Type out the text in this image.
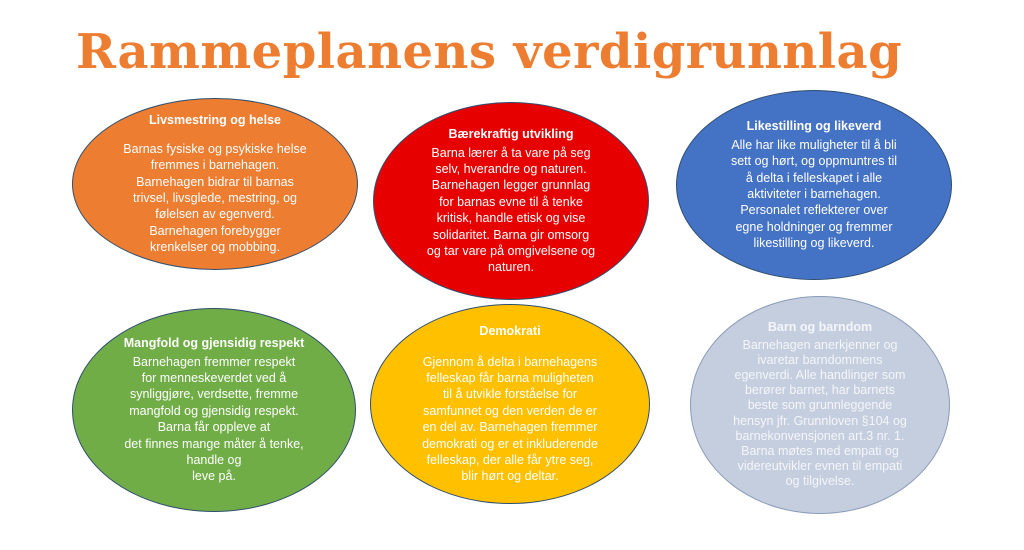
Rammeplanens verdigrunnlag
Livsmestring og helse
Barnas fysiske og psykiske helse
fremmes i barnehagen.
Barnehagen bidrar til barnas
trivsel, livsglede, mestring, og
følelsen av egenverd.
Barnehagen forebygger
krenkelser og mobbing.
Bærekraftig utvikling
Barna lærer å ta vare på seg
selv, hverandre og naturen.
Barnehagen legger grunnlag
for barnas evne til å tenke
kritisk, handle etisk og vise
solidaritet. Barna gir omsorg
og tar vare på omgivelsene og
naturen.
Likestilling og likeverd
Alle har like muligheter til å bli
sett og hørt, og oppmuntres til
å delta i felleskapet i alle
aktiviteter i barnehagen.
Personalet reflekterer over
egne holdninger og fremmer
likestilling og likeverd.
Mangfold og gjensidig respekt
Barnehagen fremmer respekt
for menneskeverdet ved å
synliggjøre, verdsette, fremme
mangfold og gjensidig respekt.
Barna får oppleve at
det finnes mange måter å tenke,
handle og
leve på.
Demokrati
Gjennom å delta i barnehagens
felleskap får barna muligheten
til å utvikle forståelse for
samfunnet og den verden de er
en del av. Barnehagen fremmer
demokrati og er et inkluderende
felleskap, der alle får ytre seg,
blir hørt og deltar.
Barn og barndom
Barnehagen anerkjenner og
ivaretar barndommens
egenverdi. Alle handlinger som
berører barnet, har barnets
beste som grunnleggende
hensyn jfr. Grunnloven §104 og
barnekonvensjonen art.3 nr. 1.
Barna møtes med empati og
videreutvikler evnen til empati
og tilgivelse.
